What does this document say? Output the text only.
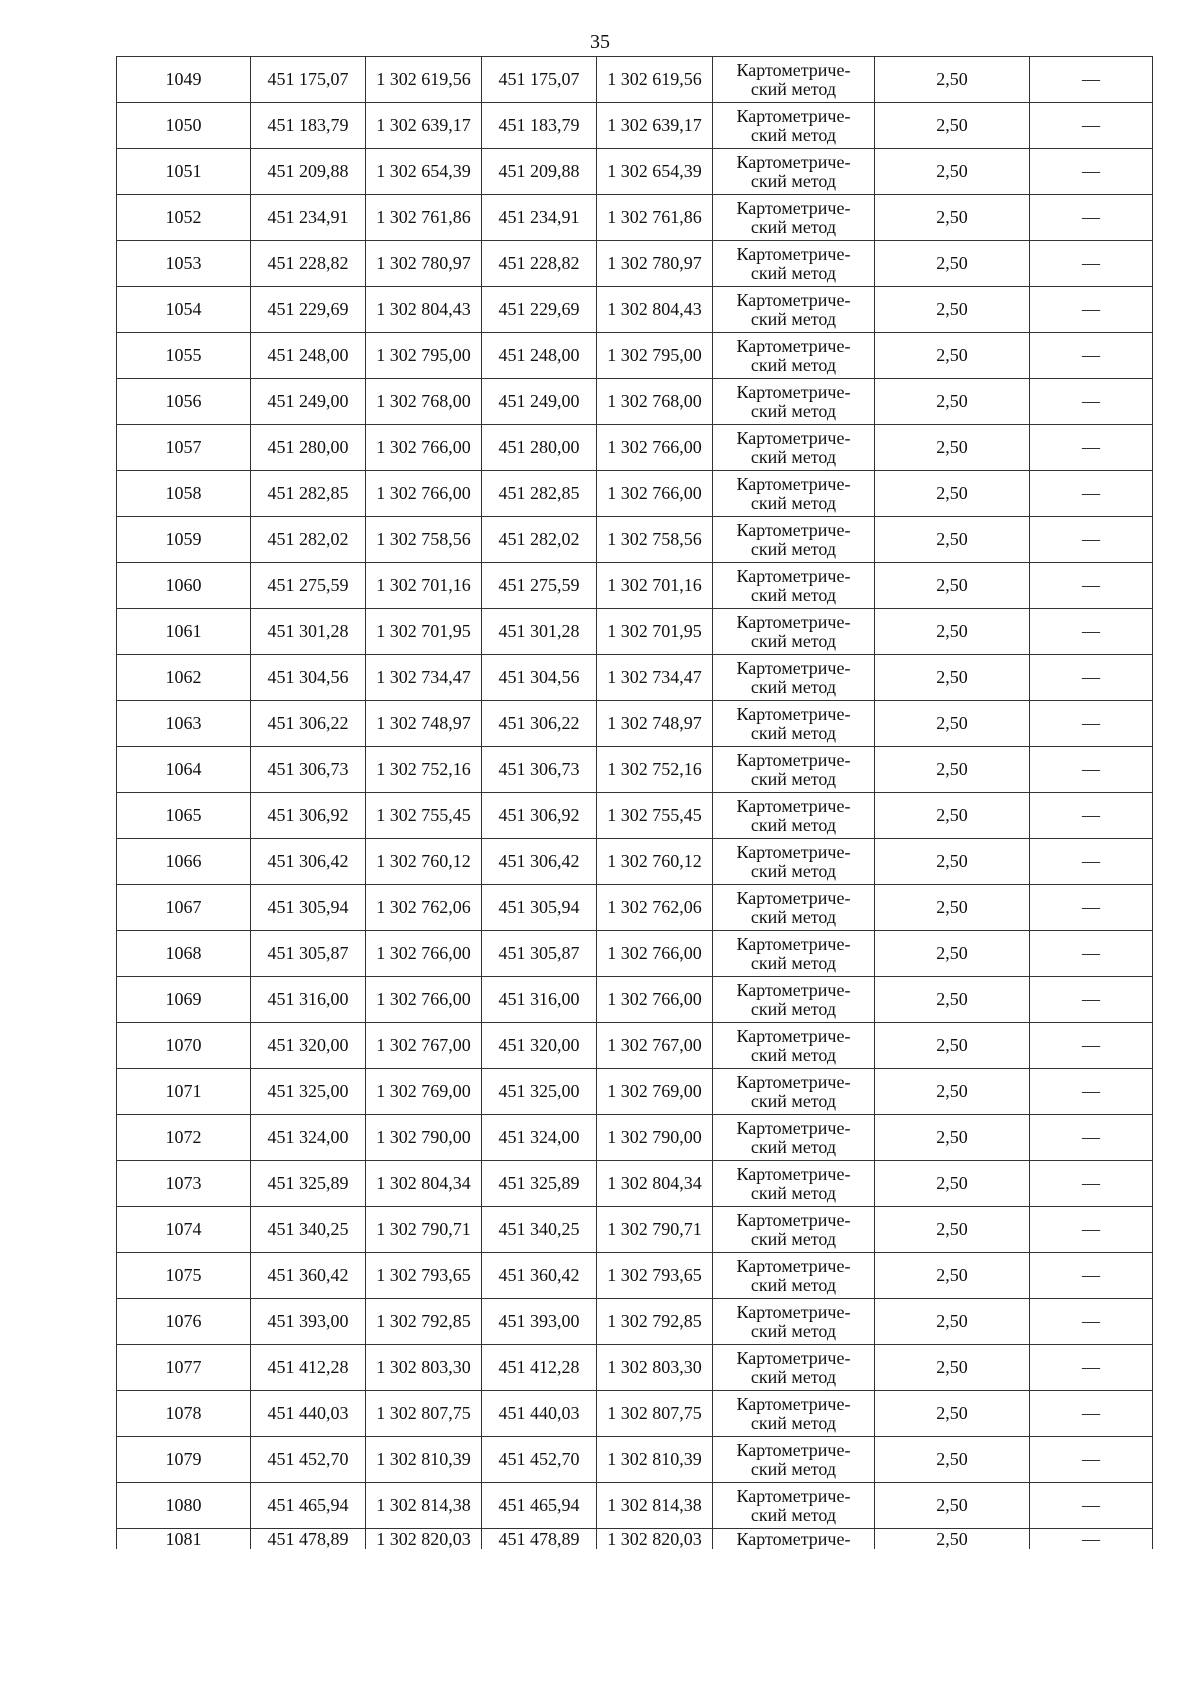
35
1049	451 175,07	1 302 619,56	451 175,07	1 302 619,56	Картометриче-
ский метод	2,50	—
1050	451 183,79	1 302 639,17	451 183,79	1 302 639,17	Картометриче-
ский метод	2,50	—
1051	451 209,88	1 302 654,39	451 209,88	1 302 654,39	Картометриче-
ский метод	2,50	—
1052	451 234,91	1 302 761,86	451 234,91	1 302 761,86	Картометриче-
ский метод	2,50	—
1053	451 228,82	1 302 780,97	451 228,82	1 302 780,97	Картометриче-
ский метод	2,50	—
1054	451 229,69	1 302 804,43	451 229,69	1 302 804,43	Картометриче-
ский метод	2,50	—
1055	451 248,00	1 302 795,00	451 248,00	1 302 795,00	Картометриче-
ский метод	2,50	—
1056	451 249,00	1 302 768,00	451 249,00	1 302 768,00	Картометриче-
ский метод	2,50	—
1057	451 280,00	1 302 766,00	451 280,00	1 302 766,00	Картометриче-
ский метод	2,50	—
1058	451 282,85	1 302 766,00	451 282,85	1 302 766,00	Картометриче-
ский метод	2,50	—
1059	451 282,02	1 302 758,56	451 282,02	1 302 758,56	Картометриче-
ский метод	2,50	—
1060	451 275,59	1 302 701,16	451 275,59	1 302 701,16	Картометриче-
ский метод	2,50	—
1061	451 301,28	1 302 701,95	451 301,28	1 302 701,95	Картометриче-
ский метод	2,50	—
1062	451 304,56	1 302 734,47	451 304,56	1 302 734,47	Картометриче-
ский метод	2,50	—
1063	451 306,22	1 302 748,97	451 306,22	1 302 748,97	Картометриче-
ский метод	2,50	—
1064	451 306,73	1 302 752,16	451 306,73	1 302 752,16	Картометриче-
ский метод	2,50	—
1065	451 306,92	1 302 755,45	451 306,92	1 302 755,45	Картометриче-
ский метод	2,50	—
1066	451 306,42	1 302 760,12	451 306,42	1 302 760,12	Картометриче-
ский метод	2,50	—
1067	451 305,94	1 302 762,06	451 305,94	1 302 762,06	Картометриче-
ский метод	2,50	—
1068	451 305,87	1 302 766,00	451 305,87	1 302 766,00	Картометриче-
ский метод	2,50	—
1069	451 316,00	1 302 766,00	451 316,00	1 302 766,00	Картометриче-
ский метод	2,50	—
1070	451 320,00	1 302 767,00	451 320,00	1 302 767,00	Картометриче-
ский метод	2,50	—
1071	451 325,00	1 302 769,00	451 325,00	1 302 769,00	Картометриче-
ский метод	2,50	—
1072	451 324,00	1 302 790,00	451 324,00	1 302 790,00	Картометриче-
ский метод	2,50	—
1073	451 325,89	1 302 804,34	451 325,89	1 302 804,34	Картометриче-
ский метод	2,50	—
1074	451 340,25	1 302 790,71	451 340,25	1 302 790,71	Картометриче-
ский метод	2,50	—
1075	451 360,42	1 302 793,65	451 360,42	1 302 793,65	Картометриче-
ский метод	2,50	—
1076	451 393,00	1 302 792,85	451 393,00	1 302 792,85	Картометриче-
ский метод	2,50	—
1077	451 412,28	1 302 803,30	451 412,28	1 302 803,30	Картометриче-
ский метод	2,50	—
1078	451 440,03	1 302 807,75	451 440,03	1 302 807,75	Картометриче-
ский метод	2,50	—
1079	451 452,70	1 302 810,39	451 452,70	1 302 810,39	Картометриче-
ский метод	2,50	—
1080	451 465,94	1 302 814,38	451 465,94	1 302 814,38	Картометриче-
ский метод	2,50	—
1081	451 478,89	1 302 820,03	451 478,89	1 302 820,03	Картометриче-	2,50	—
